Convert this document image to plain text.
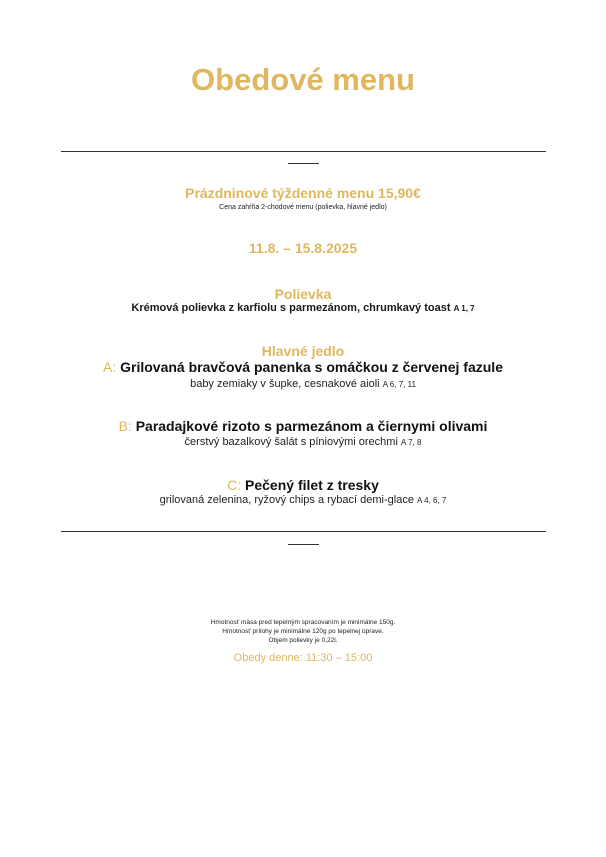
Obedové menu
Prázdninové týždenné menu 15,90€
Cena zahŕňa 2-chodové menu (polievka, hlavné jedlo)
11.8. – 15.8.2025
Polievka
Krémová polievka z karfiolu s parmezánom, chrumkavý toast A 1, 7
Hlavné jedlo
A: Grilovaná bravčová panenka s omáčkou z červenej fazule
baby zemiaky v šupke, cesnakové aioli A 6, 7, 11
B: Paradajkové rizoto s parmezánom a čiernymi olivami
čerstvý bazalkový šalát s píniovými orechmi A 7, 8
C: Pečený filet z tresky
grilovaná zelenina, ryžový chips a rybací demi-glace A 4, 6, 7
Hmotnosť mäsa pred tepelným spracovaním je minimálne 150g.
Hmotnosť prílohy je minimálne 120g po tepelnej úprave.
Objem polievky je 0,22l.
Obedy denne: 11:30 – 15:00
